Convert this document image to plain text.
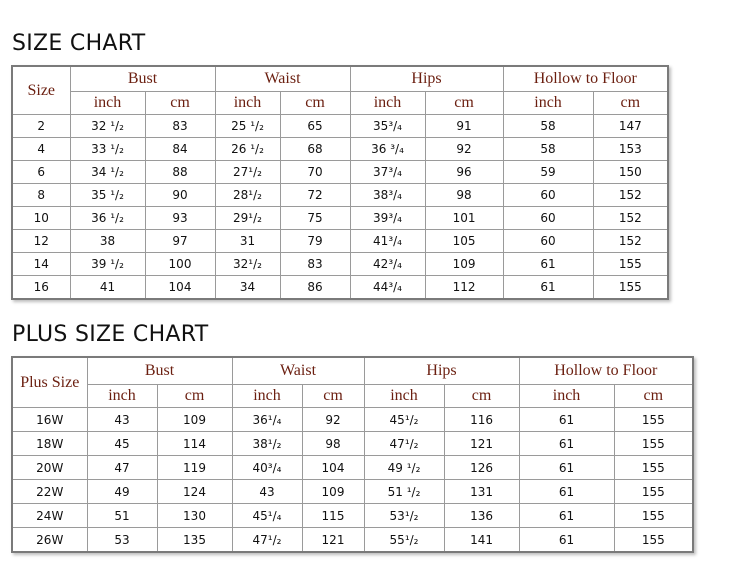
SIZE CHART
Size	Bust		Waist		Hips		Hollow to Floor	
	inch	cm	inch	cm	inch	cm	inch	cm
2	32 ¹/₂	83	25 ¹/₂	65	35³/₄	91	58	147
4	33 ¹/₂	84	26 ¹/₂	68	36 ³/₄	92	58	153
6	34 ¹/₂	88	27¹/₂	70	37³/₄	96	59	150
8	35 ¹/₂	90	28¹/₂	72	38³/₄	98	60	152
10	36 ¹/₂	93	29¹/₂	75	39³/₄	101	60	152
12	38	97	31	79	41³/₄	105	60	152
14	39 ¹/₂	100	32¹/₂	83	42³/₄	109	61	155
16	41	104	34	86	44³/₄	112	61	155
PLUS SIZE CHART
Plus Size	Bust		Waist		Hips		Hollow to Floor	
	inch	cm	inch	cm	inch	cm	inch	cm
16W	43	109	36¹/₄	92	45¹/₂	116	61	155
18W	45	114	38¹/₂	98	47¹/₂	121	61	155
20W	47	119	40³/₄	104	49 ¹/₂	126	61	155
22W	49	124	43	109	51 ¹/₂	131	61	155
24W	51	130	45¹/₄	115	53¹/₂	136	61	155
26W	53	135	47¹/₂	121	55¹/₂	141	61	155
